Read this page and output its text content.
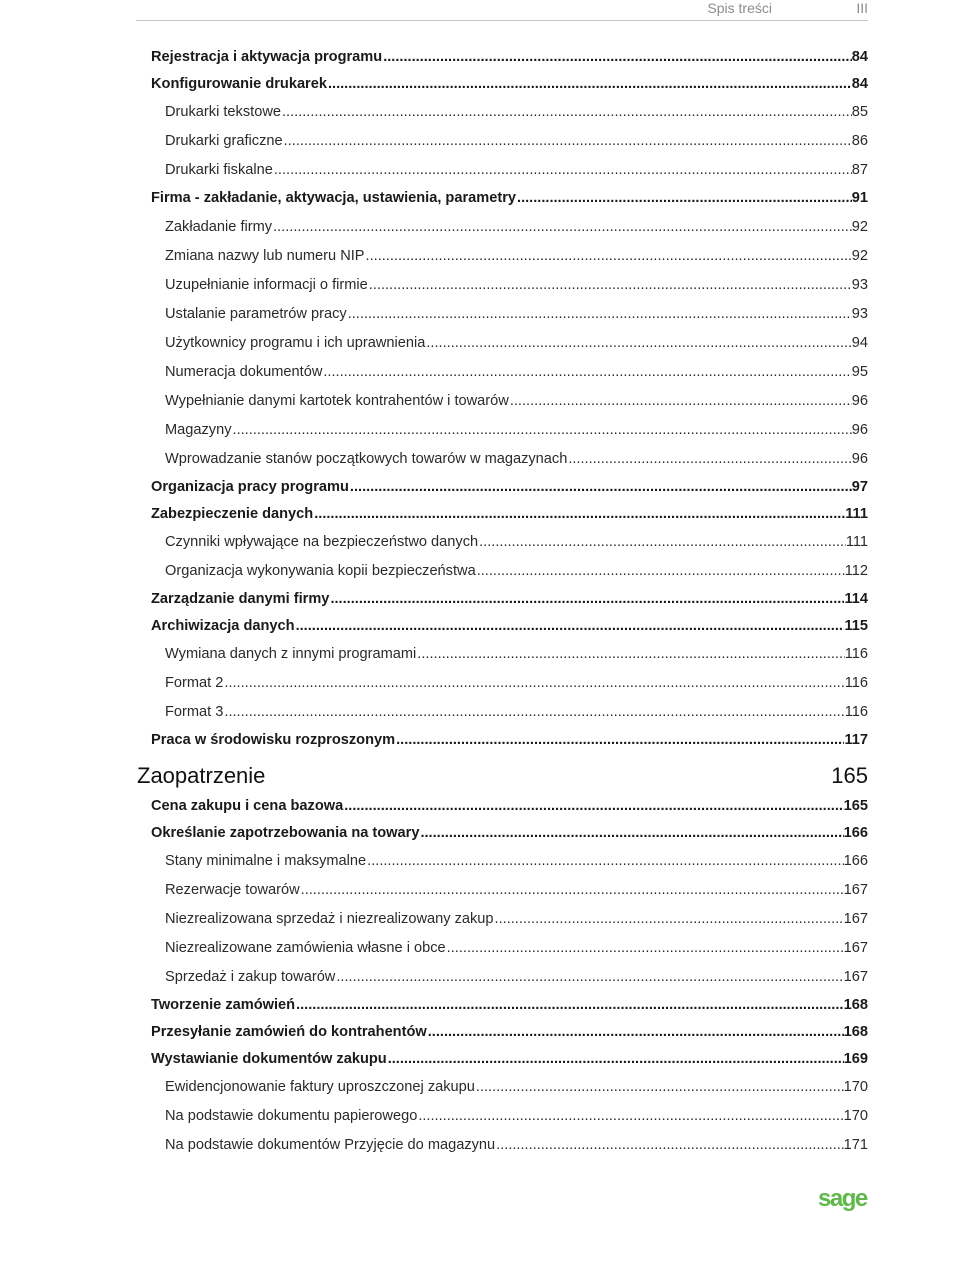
Spis treści	III
Rejestracja i aktywacja programu .....	84
Konfigurowanie drukarek .....	84
Drukarki tekstowe .....	85
Drukarki graficzne .....	86
Drukarki fiskalne .....	87
Firma - zakładanie, aktywacja, ustawienia, parametry .....	91
Zakładanie firmy .....	92
Zmiana nazwy lub numeru NIP .....	92
Uzupełnianie informacji o firmie .....	93
Ustalanie parametrów pracy .....	93
Użytkownicy programu i ich uprawnienia .....	94
Numeracja dokumentów .....	95
Wypełnianie danymi kartotek kontrahentów i towarów .....	96
Magazyny .....	96
Wprowadzanie stanów początkowych towarów w magazynach .....	96
Organizacja pracy programu .....	97
Zabezpieczenie danych .....	111
Czynniki wpływające na bezpieczeństwo danych .....	111
Organizacja wykonywania kopii bezpieczeństwa .....	112
Zarządzanie danymi firmy .....	114
Archiwizacja danych .....	115
Wymiana danych z innymi programami .....	116
Format 2 .....	116
Format 3 .....	116
Praca w środowisku rozproszonym .....	117
Zaopatrzenie	165
Cena zakupu i cena bazowa .....	165
Określanie zapotrzebowania na towary .....	166
Stany minimalne i maksymalne .....	166
Rezerwacje towarów .....	167
Niezrealizowana sprzedaż i niezrealizowany zakup .....	167
Niezrealizowane zamówienia własne i obce .....	167
Sprzedaż i zakup towarów .....	167
Tworzenie zamówień .....	168
Przesyłanie zamówień do kontrahentów .....	168
Wystawianie dokumentów zakupu .....	169
Ewidencjonowanie faktury uproszczonej zakupu .....	170
Na podstawie dokumentu papierowego .....	170
Na podstawie dokumentów Przyjęcie do magazynu .....	171
sage
